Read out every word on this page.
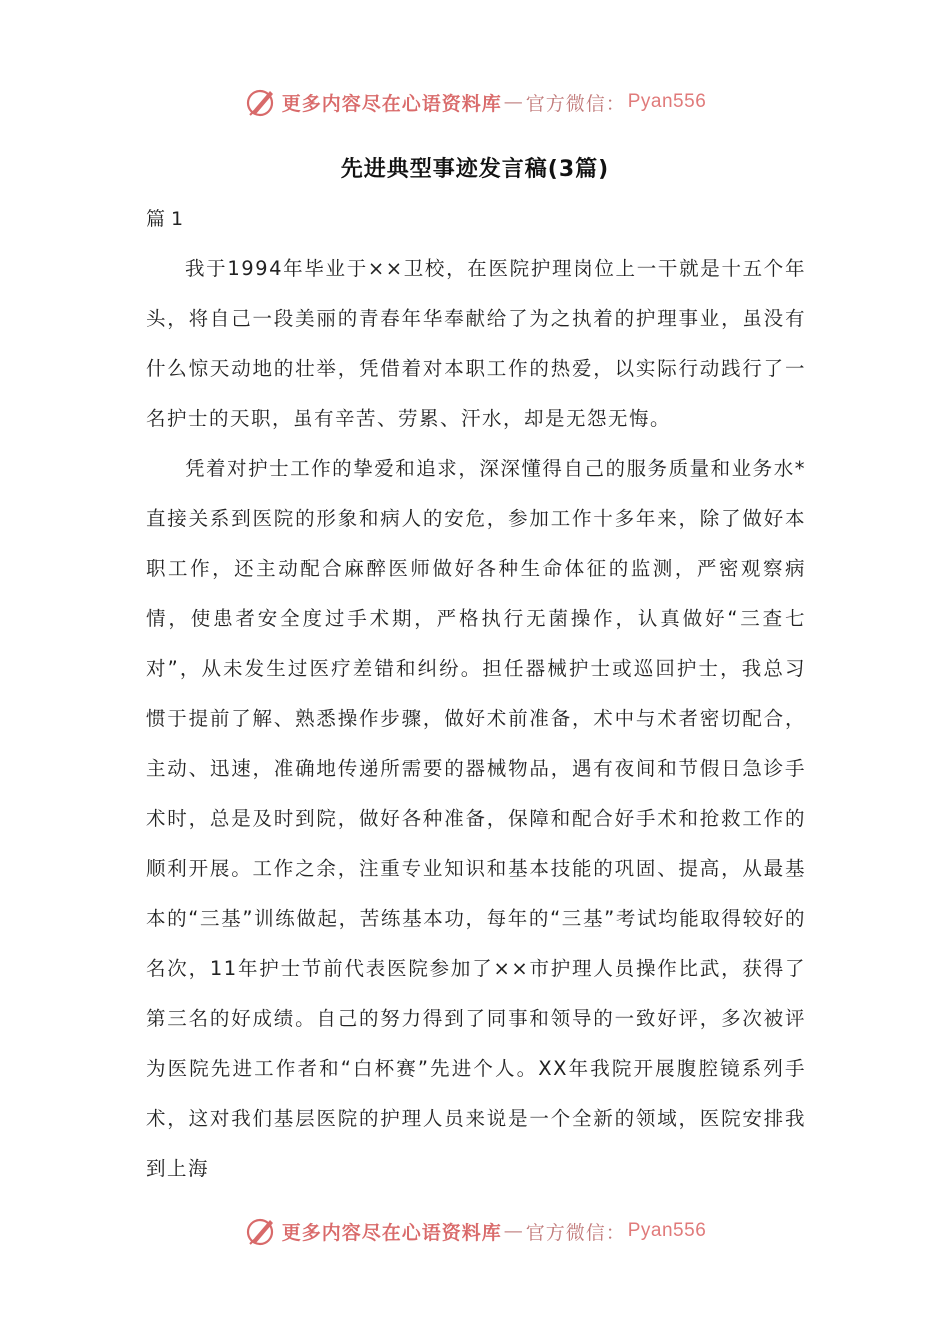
更多内容尽在心语资料库 — 官方微信： Pyan556
先进典型事迹发言稿(3篇)
篇 1

我于1994年毕业于××卫校，在医院护理岗位上一干就是十五个年头，将自己一段美丽的青春年华奉献给了为之执着的护理事业，虽没有什么惊天动地的壮举，凭借着对本职工作的热爱，以实际行动践行了一名护士的天职，虽有辛苦、劳累、汗水，却是无怨无悔。

凭着对护士工作的挚爱和追求，深深懂得自己的服务质量和业务水*直接关系到医院的形象和病人的安危，参加工作十多年来，除了做好本职工作，还主动配合麻醉医师做好各种生命体征的监测，严密观察病情，使患者安全度过手术期，严格执行无菌操作，认真做好“三查七对”，从未发生过医疗差错和纠纷。担任器械护士或巡回护士，我总习惯于提前了解、熟悉操作步骤，做好术前准备，术中与术者密切配合，主动、迅速，准确地传递所需要的器械物品，遇有夜间和节假日急诊手术时，总是及时到院，做好各种准备，保障和配合好手术和抢救工作的顺利开展。工作之余，注重专业知识和基本技能的巩固、提高，从最基本的“三基”训练做起，苦练基本功，每年的“三基”考试均能取得较好的名次，11年护士节前代表医院参加了××市护理人员操作比武，获得了第三名的好成绩。自己的努力得到了同事和领导的一致好评，多次被评为医院先进工作者和“白杯赛”先进个人。XX年我院开展腹腔镜系列手术，这对我们基层医院的护理人员来说是一个全新的领域，医院安排我到上海

更多内容尽在心语资料库 — 官方微信： Pyan556
